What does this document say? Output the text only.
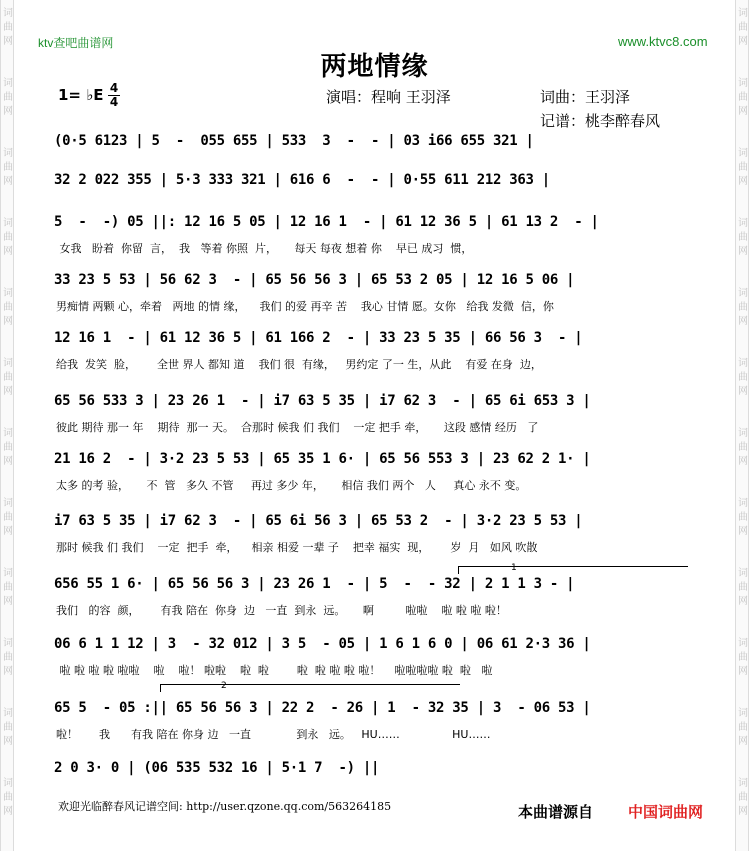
词
曲
网
词
曲
网
词
曲
网
词
曲
网
词
曲
网
词
曲
网
词
曲
网
词
曲
网
词
曲
网
词
曲
网
词
曲
网
词
曲
网
词
曲
网
词
曲
网
词
曲
网
词
曲
网
词
曲
网
词
曲
网
词
曲
网
词
曲
网
词
曲
网
词
曲
网
词
曲
网
词
曲
网
ktv查吧曲谱网	www.ktvc8.com
两地情缘
1= ♭E 4
4	演唱：程响 王羽泽	词曲：王羽泽
记谱：桃李醉春风
(0·5 6123 | 5  -  055 655 | 533  3  -  - | 03 i66 655 321 |
32 2 022 355 | 5·3 333 321 | 616 6  -  - | 0·55 611 212 363 |
5  -  -) 05 ||: 12 16 5 05 | 12 16 1  - | 61 12 36 5 | 61 13 2  - |
女我   盼着  你留  言，  我   等着 你照  片，     每天 每夜 想着 你    早已 成习  惯，
33 23 5 53 | 56 62 3  - | 65 56 56 3 | 65 53 2 05 | 12 16 5 06 |
男痴情 两颗 心，牵着   两地 的情 缘，    我们 的爱 再辛 苦    我心 甘情 愿。女你   给我 发微  信，你
12 16 1  - | 61 12 36 5 | 61 166 2  - | 33 23 5 35 | 66 56 3  - |
给我  发笑  脸，      全世 界人 都知 道    我们 很  有缘，   男约定 了一 生，从此    有爱 在身  边，
65 56 533 3 | 23 26 1  - | i7 63 5 35 | i7 62 3  - | 65 6i 653 3 |
彼此 期待 那一 年    期待  那一 天。  合那时 候我 们 我们    一定 把手 牵，     这段 感情 经历   了
21 16 2  - | 3·2 23 5 53 | 65 35 1 6· | 65 56 553 3 | 23 62 2 1· |
太多 的考 验，     不  管   多久 不管     再过 多少 年，     相信 我们 两个   人     真心 永不 变。
i7 63 5 35 | i7 62 3  - | 65 6i 56 3 | 65 53 2  - | 3·2 23 5 53 |
那时 候我 们 我们    一定  把手  牵，    相亲 相爱 一辈 子    把幸 福实  现，      岁  月   如风 吹散
656 55 1 6· | 65 56 56 3 | 23 26 1  - | 5  -  - 32 | 2 1 1 3 - |
我们   的容  颜，      有我 陪在  你身  边   一直  到永  远。     啊         啦啦    啦 啦 啦 啦！
06 6 1 1 12 | 3  - 32 012 | 3 5  - 05 | 1 6 1 6 0 | 06 61 2·3 36 |
啦 啦 啦 啦 啦啦    啦    啦！ 啦啦    啦  啦        啦  啦 啦 啦 啦！    啦啦啦啦 啦  啦   啦
65 5  - 05 :|| 65 56 56 3 | 22 2  - 26 | 1  - 32 35 | 3  - 06 53 |
啦！      我      有我 陪在 你身 边   一直             到永   远。   HU……               HU……
2 0 3· 0 | (06 535 532 16 | 5·1 7  -) ||
1
2
欢迎光临醉春风记谱空间: http://user.qzone.qq.com/563264185	本曲谱源自 中国词曲网
